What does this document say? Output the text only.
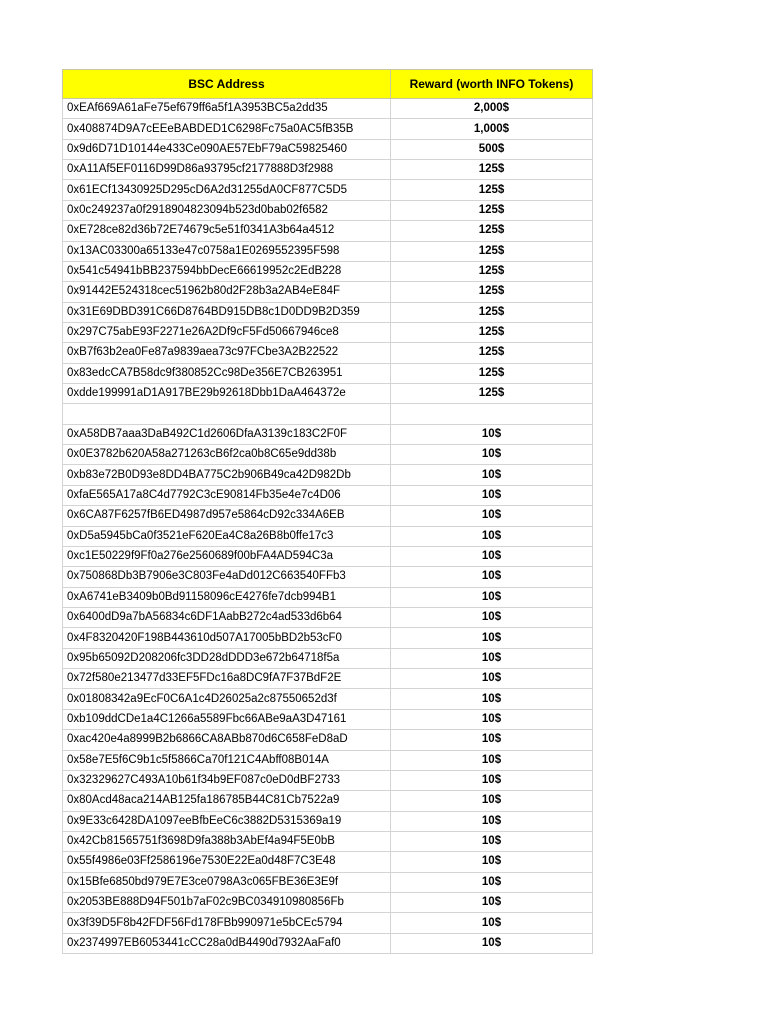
BSC Address	Reward (worth INFO Tokens)
0xEAf669A61aFe75ef679ff6a5f1A3953BC5a2dd35	2,000$
0x408874D9A7cEEeBABDED1C6298Fc75a0AC5fB35B	1,000$
0x9d6D71D10144e433Ce090AE57EbF79aC59825460	500$
0xA11Af5EF0116D99D86a93795cf2177888D3f2988	125$
0x61ECf13430925D295cD6A2d31255dA0CF877C5D5	125$
0x0c249237a0f2918904823094b523d0bab02f6582	125$
0xE728ce82d36b72E74679c5e51f0341A3b64a4512	125$
0x13AC03300a65133e47c0758a1E0269552395F598	125$
0x541c54941bBB237594bbDecE66619952c2EdB228	125$
0x91442E524318cec51962b80d2F28b3a2AB4eE84F	125$
0x31E69DBD391C66D8764BD915DB8c1D0DD9B2D359	125$
0x297C75abE93F2271e26A2Df9cF5Fd50667946ce8	125$
0xB7f63b2ea0Fe87a9839aea73c97FCbe3A2B22522	125$
0x83edcCA7B58dc9f380852Cc98De356E7CB263951	125$
0xdde199991aD1A917BE29b92618Dbb1DaA464372e	125$

0xA58DB7aaa3DaB492C1d2606DfaA3139c183C2F0F	10$
0x0E3782b620A58a271263cB6f2ca0b8C65e9dd38b	10$
0xb83e72B0D93e8DD4BA775C2b906B49ca42D982Db	10$
0xfaE565A17a8C4d7792C3cE90814Fb35e4e7c4D06	10$
0x6CA87F6257fB6ED4987d957e5864cD92c334A6EB	10$
0xD5a5945bCa0f3521eF620Ea4C8a26B8b0ffe17c3	10$
0xc1E50229f9Ff0a276e2560689f00bFA4AD594C3a	10$
0x750868Db3B7906e3C803Fe4aDd012C663540FFb3	10$
0xA6741eB3409b0Bd91158096cE4276fe7dcb994B1	10$
0x6400dD9a7bA56834c6DF1AabB272c4ad533d6b64	10$
0x4F8320420F198B443610d507A17005bBD2b53cF0	10$
0x95b65092D208206fc3DD28dDDD3e672b64718f5a	10$
0x72f580e213477d33EF5FDc16a8DC9fA7F37BdF2E	10$
0x01808342a9EcF0C6A1c4D26025a2c87550652d3f	10$
0xb109ddCDe1a4C1266a5589Fbc66ABe9aA3D47161	10$
0xac420e4a8999B2b6866CA8ABb870d6C658FeD8aD	10$
0x58e7E5f6C9b1c5f5866Ca70f121C4Abff08B014A	10$
0x32329627C493A10b61f34b9EF087c0eD0dBF2733	10$
0x80Acd48aca214AB125fa186785B44C81Cb7522a9	10$
0x9E33c6428DA1097eeBfbEeC6c3882D5315369a19	10$
0x42Cb81565751f3698D9fa388b3AbEf4a94F5E0bB	10$
0x55f4986e03Ff2586196e7530E22Ea0d48F7C3E48	10$
0x15Bfe6850bd979E7E3ce0798A3c065FBE36E3E9f	10$
0x2053BE888D94F501b7aF02c9BC034910980856Fb	10$
0x3f39D5F8b42FDF56Fd178FBb990971e5bCEc5794	10$
0x2374997EB6053441cCC28a0dB4490d7932AaFaf0	10$
